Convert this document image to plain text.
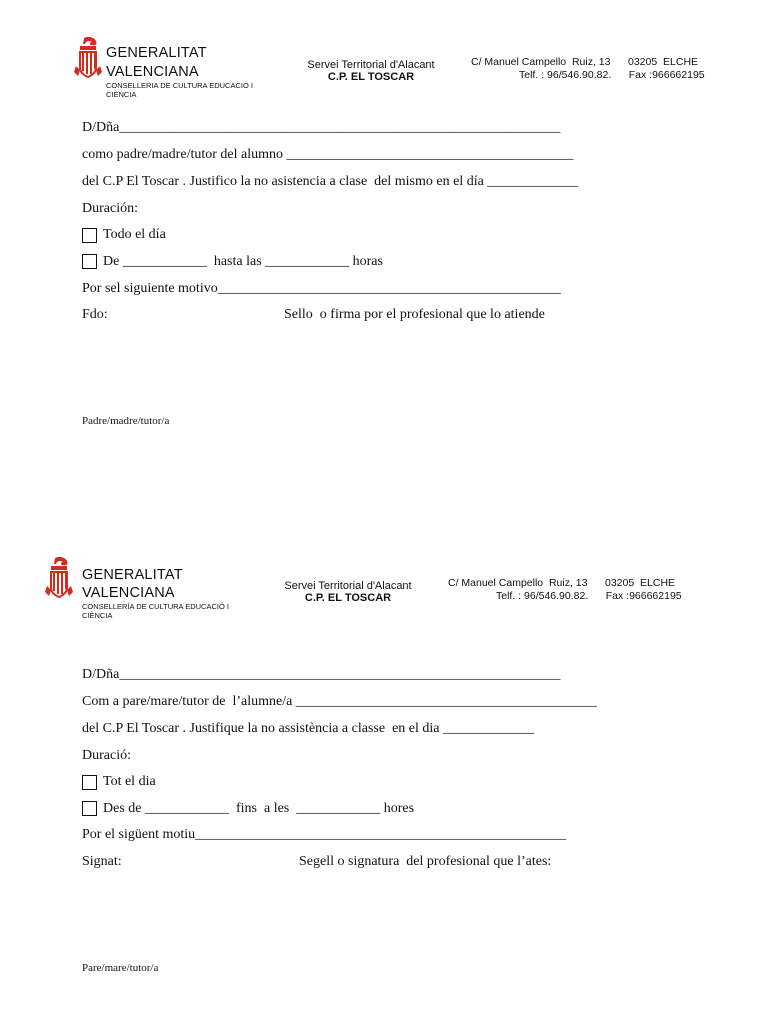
GENERALITAT
VALENCIANA
CONSELLERIA DE CULTURA EDUCACIÓ I
CIÈNCIA
Servei Territorial d'Alacant
C.P. EL TOSCAR
C/ Manuel Campello  Ruiz, 13      03205  ELCHE
Telf. : 96/546.90.82.      Fax :966662195
D/Dña_______________________________________________________________
como padre/madre/tutor del alumno _________________________________________
del C.P El Toscar . Justifico la no asistencia a clase  del mismo en el día _____________
Duración:
Todo el día
De ____________  hasta las ____________ horas
Por sel siguiente motivo_________________________________________________
Fdo:	Sello  o firma por el profesional que lo atiende
Padre/madre/tutor/a
GENERALITAT
VALENCIANA
CONSELLERÍA DE CULTURA EDUCACIÓ I
CIÈNCIA
Servei Territorial d'Alacant
C.P. EL TOSCAR
C/ Manuel Campello  Ruiz, 13      03205  ELCHE
Telf. : 96/546.90.82.      Fax :966662195
D/Dña_______________________________________________________________
Com a pare/mare/tutor de  l’alumne/a ___________________________________________
del C.P El Toscar . Justifique la no assistència a classe  en el dia _____________
Duració:
Tot el dia
Des de ____________  fins  a les  ____________ hores
Por el sigüent motiu_____________________________________________________
Signat:	Segell o signatura  del profesional que l’ates:
Pare/mare/tutor/a
